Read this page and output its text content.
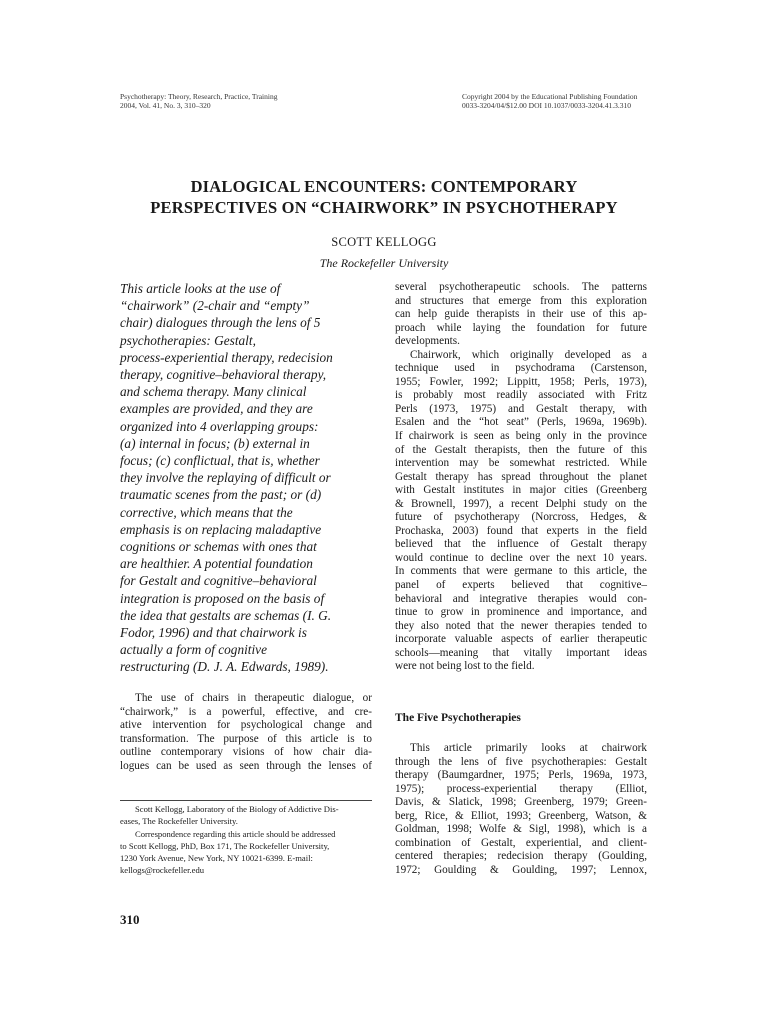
Psychotherapy: Theory, Research, Practice, Training
2004, Vol. 41, No. 3, 310–320
Copyright 2004 by the Educational Publishing Foundation
0033-3204/04/$12.00 DOI 10.1037/0033-3204.41.3.310
DIALOGICAL ENCOUNTERS: CONTEMPORARY
PERSPECTIVES ON “CHAIRWORK” IN PSYCHOTHERAPY
SCOTT KELLOGG
The Rockefeller University
This article looks at the use of
“chairwork” (2-chair and “empty”
chair) dialogues through the lens of 5
psychotherapies: Gestalt,
process-experiential therapy, redecision
therapy, cognitive–behavioral therapy,
and schema therapy. Many clinical
examples are provided, and they are
organized into 4 overlapping groups:
(a) internal in focus; (b) external in
focus; (c) conflictual, that is, whether
they involve the replaying of difficult or
traumatic scenes from the past; or (d)
corrective, which means that the
emphasis is on replacing maladaptive
cognitions or schemas with ones that
are healthier. A potential foundation
for Gestalt and cognitive–behavioral
integration is proposed on the basis of
the idea that gestalts are schemas (I. G.
Fodor, 1996) and that chairwork is
actually a form of cognitive
restructuring (D. J. A. Edwards, 1989).
The use of chairs in therapeutic dialogue, or
“chairwork,” is a powerful, effective, and cre-
ative intervention for psychological change and
transformation. The purpose of this article is to
outline contemporary visions of how chair dia-
logues can be used as seen through the lenses of
Scott Kellogg, Laboratory of the Biology of Addictive Dis-
eases, The Rockefeller University.
Correspondence regarding this article should be addressed
to Scott Kellogg, PhD, Box 171, The Rockefeller University,
1230 York Avenue, New York, NY 10021-6399. E-mail:
kellogs@rockefeller.edu
310
several psychotherapeutic schools. The patterns
and structures that emerge from this exploration
can help guide therapists in their use of this ap-
proach while laying the foundation for future
developments.
Chairwork, which originally developed as a
technique used in psychodrama (Carstenson,
1955; Fowler, 1992; Lippitt, 1958; Perls, 1973),
is probably most readily associated with Fritz
Perls (1973, 1975) and Gestalt therapy, with
Esalen and the “hot seat” (Perls, 1969a, 1969b).
If chairwork is seen as being only in the province
of the Gestalt therapists, then the future of this
intervention may be somewhat restricted. While
Gestalt therapy has spread throughout the planet
with Gestalt institutes in major cities (Greenberg
& Brownell, 1997), a recent Delphi study on the
future of psychotherapy (Norcross, Hedges, &
Prochaska, 2003) found that experts in the field
believed that the influence of Gestalt therapy
would continue to decline over the next 10 years.
In comments that were germane to this article, the
panel of experts believed that cognitive–
behavioral and integrative therapies would con-
tinue to grow in prominence and importance, and
they also noted that the newer therapies tended to
incorporate valuable aspects of earlier therapeutic
schools—meaning that vitally important ideas
were not being lost to the field.
The Five Psychotherapies
This article primarily looks at chairwork
through the lens of five psychotherapies: Gestalt
therapy (Baumgardner, 1975; Perls, 1969a, 1973,
1975); process-experiential therapy (Elliot,
Davis, & Slatick, 1998; Greenberg, 1979; Green-
berg, Rice, & Elliot, 1993; Greenberg, Watson, &
Goldman, 1998; Wolfe & Sigl, 1998), which is a
combination of Gestalt, experiential, and client-
centered therapies; redecision therapy (Goulding,
1972; Goulding & Goulding, 1997; Lennox,
